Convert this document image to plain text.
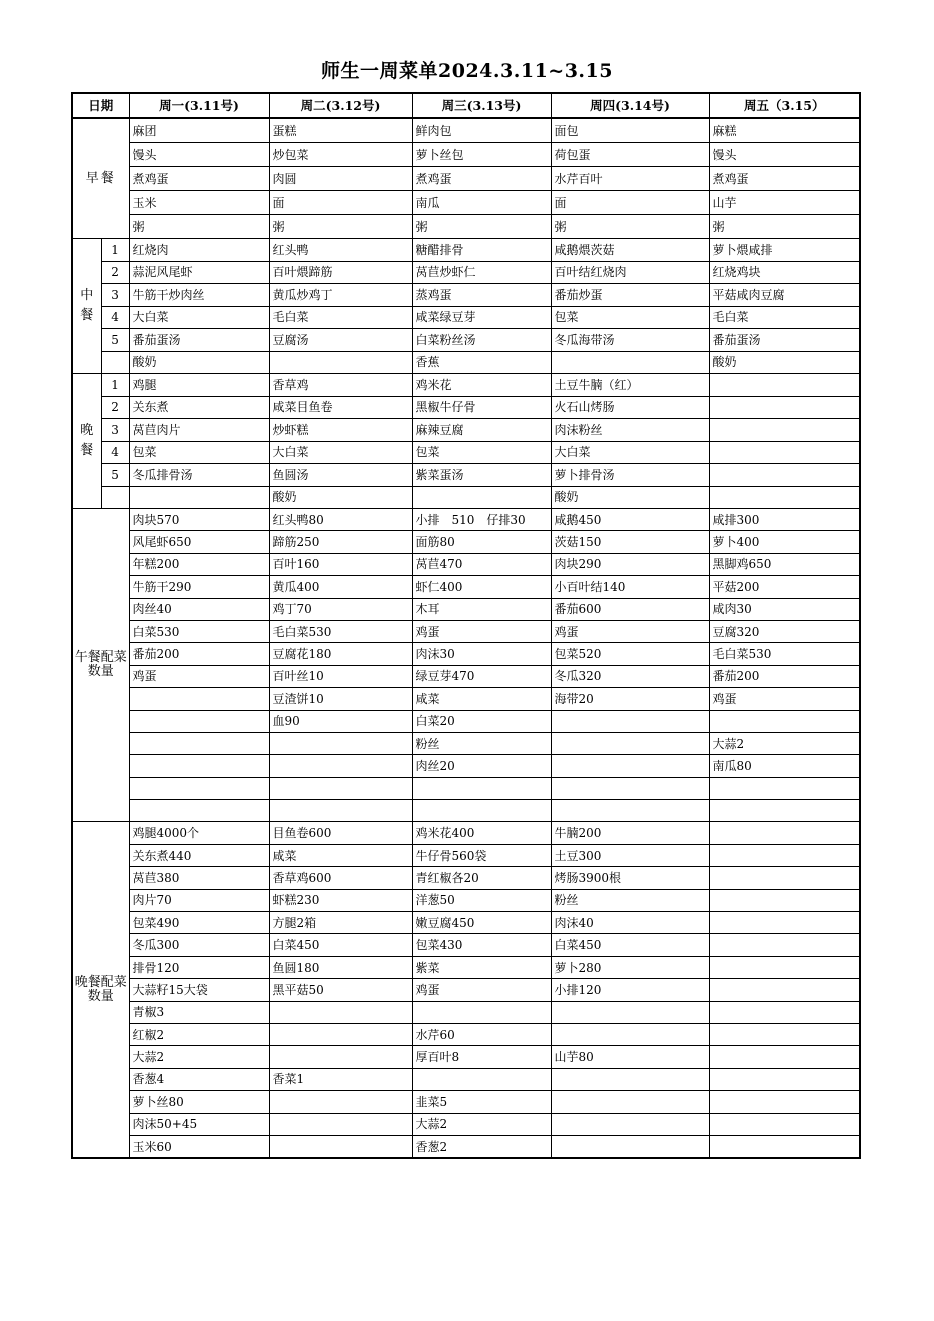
师生一周菜单2024.3.11~3.15
日期		周一(3.11号)	周二(3.12号)	周三(3.13号)	周四(3.14号)	周五（3.15）
早餐		麻团	蛋糕	鲜肉包	面包	麻糕
		馒头	炒包菜	萝卜丝包	荷包蛋	馒头
		煮鸡蛋	肉圆	煮鸡蛋	水芹百叶	煮鸡蛋
		玉米	面	南瓜	面	山芋
		粥	粥	粥	粥	粥
中餐	1	红烧肉	红头鸭	糖醋排骨	咸鹅煨茨菇	萝卜煨咸排
	2	蒜泥风尾虾	百叶煨蹄筋	莴苣炒虾仁	百叶结红烧肉	红烧鸡块
	3	牛筋干炒肉丝	黄瓜炒鸡丁	蒸鸡蛋	番茄炒蛋	平菇咸肉豆腐
	4	大白菜	毛白菜	咸菜绿豆芽	包菜	毛白菜
	5	番茄蛋汤	豆腐汤	白菜粉丝汤	冬瓜海带汤	番茄蛋汤
		酸奶		香蕉		酸奶
晚餐	1	鸡腿	香草鸡	鸡米花	土豆牛腩（红）	
	2	关东煮	咸菜目鱼卷	黑椒牛仔骨	火石山烤肠	
	3	莴苣肉片	炒虾糕	麻辣豆腐	肉沫粉丝	
	4	包菜	大白菜	包菜	大白菜	
	5	冬瓜排骨汤	鱼圆汤	紫菜蛋汤	萝卜排骨汤	
			酸奶		酸奶	
午餐配菜数量		肉块570	红头鸭80	小排　510　仔排30	咸鹅450	咸排300
		风尾虾650	蹄筋250	面筋80	茨菇150	萝卜400
		年糕200	百叶160	莴苣470	肉块290	黑脚鸡650
		牛筋干290	黄瓜400	虾仁400	小百叶结140	平菇200
		肉丝40	鸡丁70	木耳	番茄600	咸肉30
		白菜530	毛白菜530	鸡蛋	鸡蛋	豆腐320
		番茄200	豆腐花180	肉沫30	包菜520	毛白菜530
		鸡蛋	百叶丝10	绿豆芽470	冬瓜320	番茄200
			豆渣饼10	咸菜	海带20	鸡蛋
			血90	白菜20		
				粉丝		大蒜2
				肉丝20		南瓜80

晚餐配菜数量		鸡腿4000个	目鱼卷600	鸡米花400	牛腩200	
		关东煮440	咸菜	牛仔骨560袋	土豆300	
		莴苣380	香草鸡600	青红椒各20	烤肠3900根	
		肉片70	虾糕230	洋葱50	粉丝	
		包菜490	方腿2箱	嫩豆腐450	肉沫40	
		冬瓜300	白菜450	包菜430	白菜450	
		排骨120	鱼圆180	紫菜	萝卜280	
		大蒜籽15大袋	黑平菇50	鸡蛋	小排120	
		青椒3				
		红椒2		水芹60		
		大蒜2		厚百叶8	山芋80	
		香葱4	香菜1			
		萝卜丝80		韭菜5		
		肉沫50+45		大蒜2		
		玉米60		香葱2		
